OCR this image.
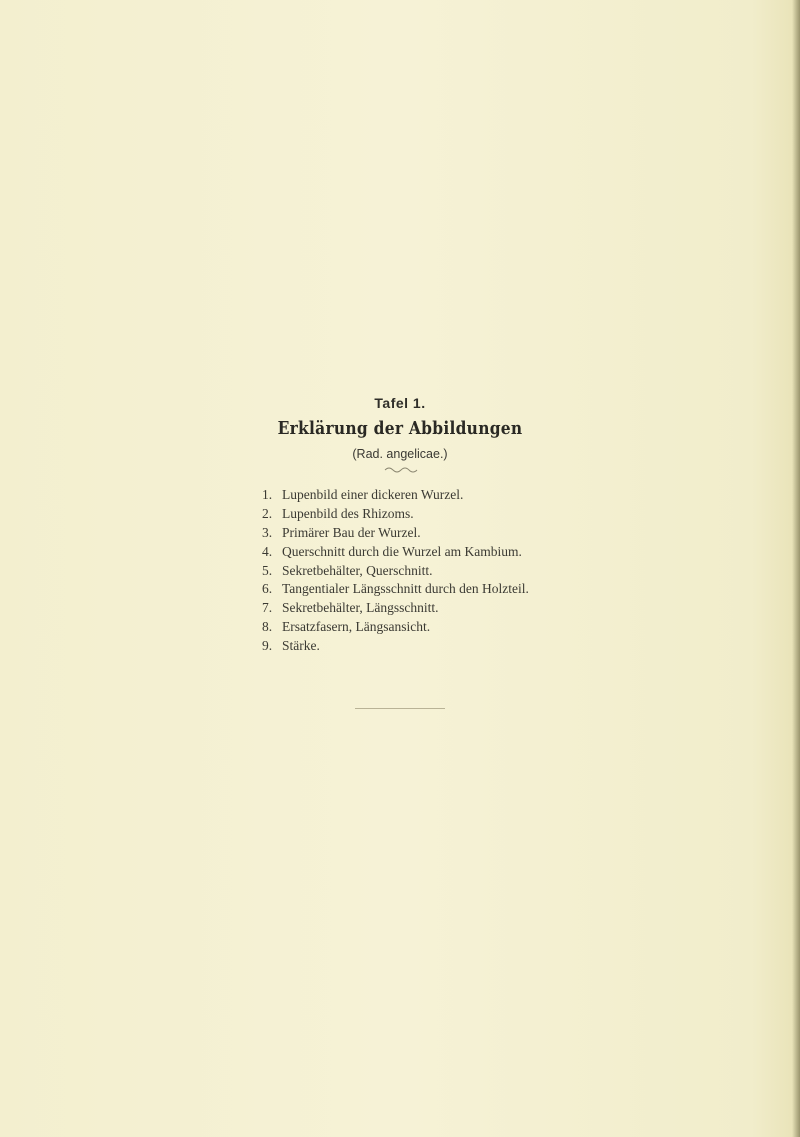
Tafel 1.
Erklärung der Abbildungen
(Rad. angelicae.)
1. Lupenbild einer dickeren Wurzel.
2. Lupenbild des Rhizoms.
3. Primärer Bau der Wurzel.
4. Querschnitt durch die Wurzel am Kambium.
5. Sekretbehälter, Querschnitt.
6. Tangentialer Längsschnitt durch den Holzteil.
7. Sekretbehälter, Längsschnitt.
8. Ersatzfasern, Längsansicht.
9. Stärke.
